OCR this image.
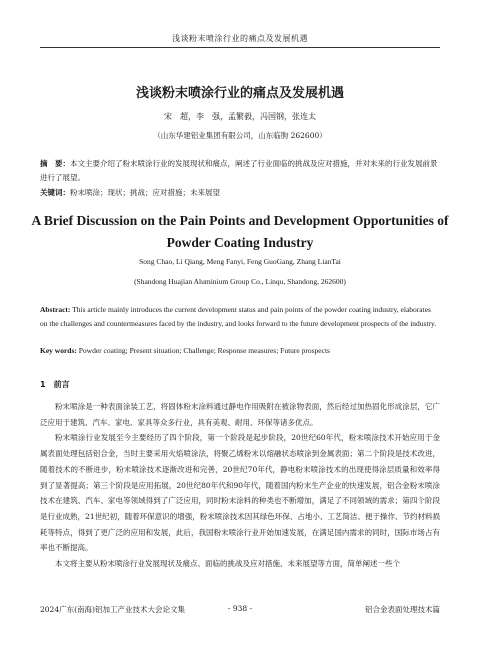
浅谈粉末喷涂行业的痛点及发展机遇
浅谈粉末喷涂行业的痛点及发展机遇
宋　超，李　强，孟繁毅，冯国钢，张连太
（山东华建铝业集团有限公司，山东临朐 262600）
摘　要：本文主要介绍了粉末喷涂行业的发展现状和痛点，阐述了行业面临的挑战及应对措施，并对未来的行业发展前景进行了展望。
关键词：粉末喷涂；现状；挑战；应对措施；未来展望
A Brief Discussion on the Pain Points and Development Opportunities of Powder Coating Industry
Song Chao, Li Qiang, Meng Fanyi, Feng GuoGang, Zhang LianTai
(Shandong Huajian Aluminium Group Co., Linqu, Shandong, 262600)
Abstract: This article mainly introduces the current development status and pain points of the powder coating industry, elaborates on the challenges and countermeasures faced by the industry, and looks forward to the future development prospects of the industry.
Key words: Powder coating; Present situation; Challenge; Response measures; Future prospects
1　前言

粉末喷涂是一种表面涂装工艺，将固体粉末涂料通过静电作用吸附在被涂物表面，然后经过加热固化形成涂层，它广泛应用于建筑、汽车、家电、家具等众多行业，具有美观、耐用、环保等诸多优点。

粉末喷涂行业发展至今主要经历了四个阶段，第一个阶段是起步阶段，20世纪60年代，粉末喷涂技术开始应用于金属表面处理包括铝合金，当时主要采用火焰喷涂法，将聚乙烯粉末以熔融状态喷涂到金属表面；第二个阶段是技术改进，随着技术的不断进步，粉末喷涂技术逐渐改进和完善，20世纪70年代，静电粉末喷涂技术的出现使得涂层质量和效率得到了显著提高；第三个阶段是应用拓展，20世纪80年代和90年代，随着国内粉末生产企业的快速发展，铝合金粉末喷涂技术在建筑、汽车、家电等领域得到了广泛应用，同时粉末涂料的种类也不断增加，满足了不同领域的需求；第四个阶段是行业成熟，21世纪初，随着环保意识的增强，粉末喷涂技术因其绿色环保、占地小、工艺简洁、便于操作、节约材料损耗等特点，得到了更广泛的应用和发展，此后，我国粉末喷涂行业开始加速发展，在满足国内需求的同时，国际市场占有率也不断提高。

本文将主要从粉末喷涂行业发展现状及痛点、面临的挑战及应对措施、未来展望等方面，简单阐述一些个

2024广东(南海)铝加工产业技术大会论文集	- 938 -	铝合金表面处理技术篇
